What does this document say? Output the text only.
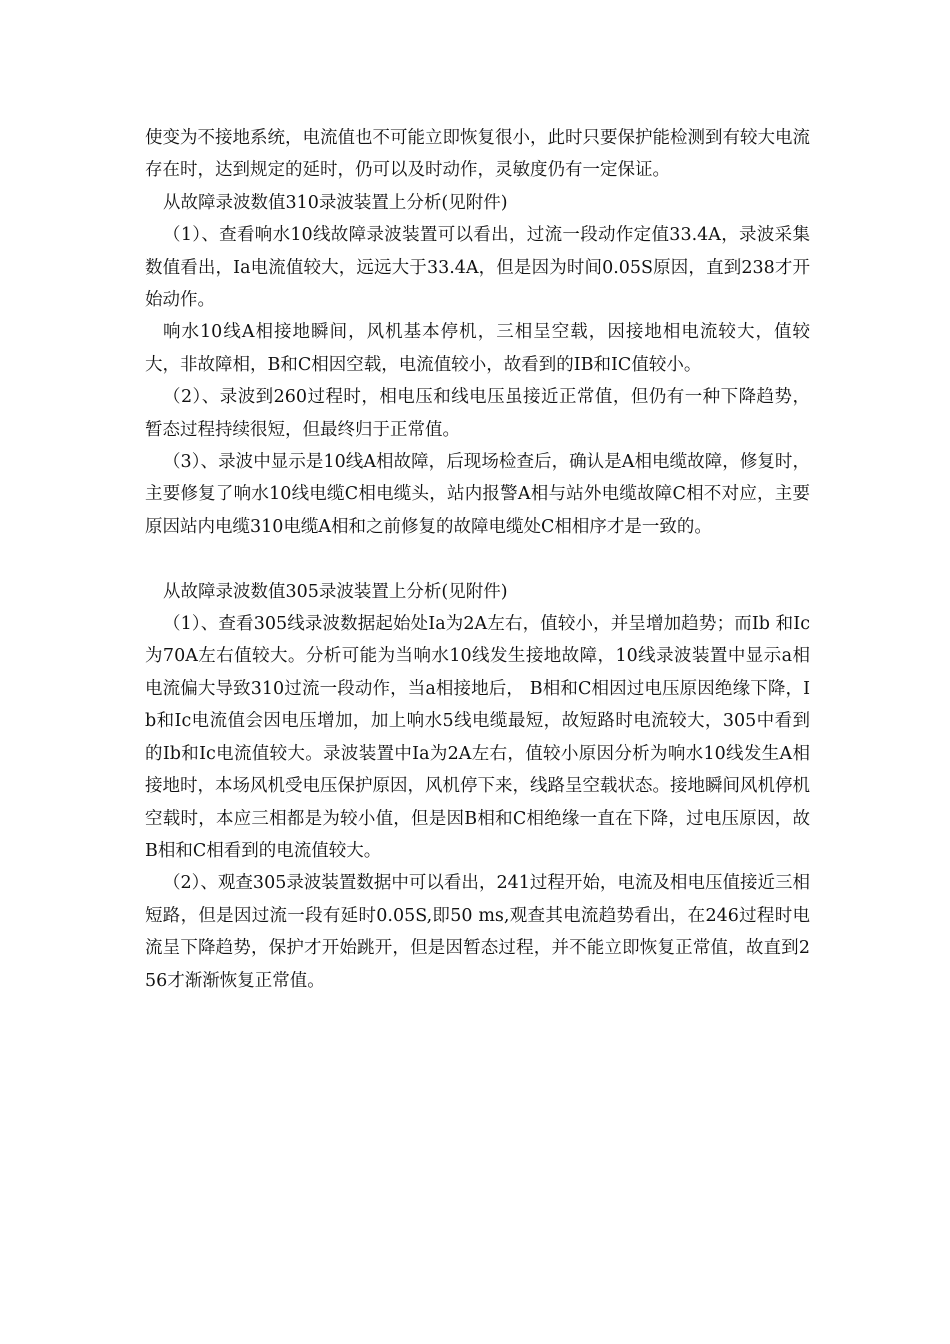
使变为不接地系统，电流值也不可能立即恢复很小，此时只要保护能检测到有较大电流存在时，达到规定的延时，仍可以及时动作，灵敏度仍有一定保证。

从故障录波数值310录波装置上分析(见附件)

（1）、查看响水10线故障录波装置可以看出，过流一段动作定值33.4A，录波采集数值看出，Ia电流值较大，远远大于33.4A，但是因为时间0.05S原因，直到238才开始动作。

响水10线A相接地瞬间，风机基本停机，三相呈空载，因接地相电流较大，值较大，非故障相，B和C相因空载，电流值较小，故看到的IB和IC值较小。

（2）、录波到260过程时，相电压和线电压虽接近正常值，但仍有一种下降趋势，暂态过程持续很短，但最终归于正常值。

（3）、录波中显示是10线A相故障，后现场检查后，确认是A相电缆故障，修复时，主要修复了响水10线电缆C相电缆头，站内报警A相与站外电缆故障C相不对应，主要原因站内电缆310电缆A相和之前修复的故障电缆处C相相序才是一致的。

从故障录波数值305录波装置上分析(见附件)

（1）、查看305线录波数据起始处Ia为2A左右，值较小，并呈增加趋势；而Ib 和Ic为70A左右值较大。分析可能为当响水10线发生接地故障，10线录波装置中显示a相电流偏大导致310过流一段动作，当a相接地后， B相和C相因过电压原因绝缘下降，Ib和Ic电流值会因电压增加，加上响水5线电缆最短，故短路时电流较大，305中看到的Ib和Ic电流值较大。录波装置中Ia为2A左右，值较小原因分析为响水10线发生A相接地时，本场风机受电压保护原因，风机停下来，线路呈空载状态。接地瞬间风机停机空载时，本应三相都是为较小值，但是因B相和C相绝缘一直在下降，过电压原因，故B相和C相看到的电流值较大。

（2）、观查305录波装置数据中可以看出，241过程开始，电流及相电压值接近三相短路，但是因过流一段有延时0.05S,即50 ms,观查其电流趋势看出，在246过程时电流呈下降趋势，保护才开始跳开，但是因暂态过程，并不能立即恢复正常值，故直到256才渐渐恢复正常值。
